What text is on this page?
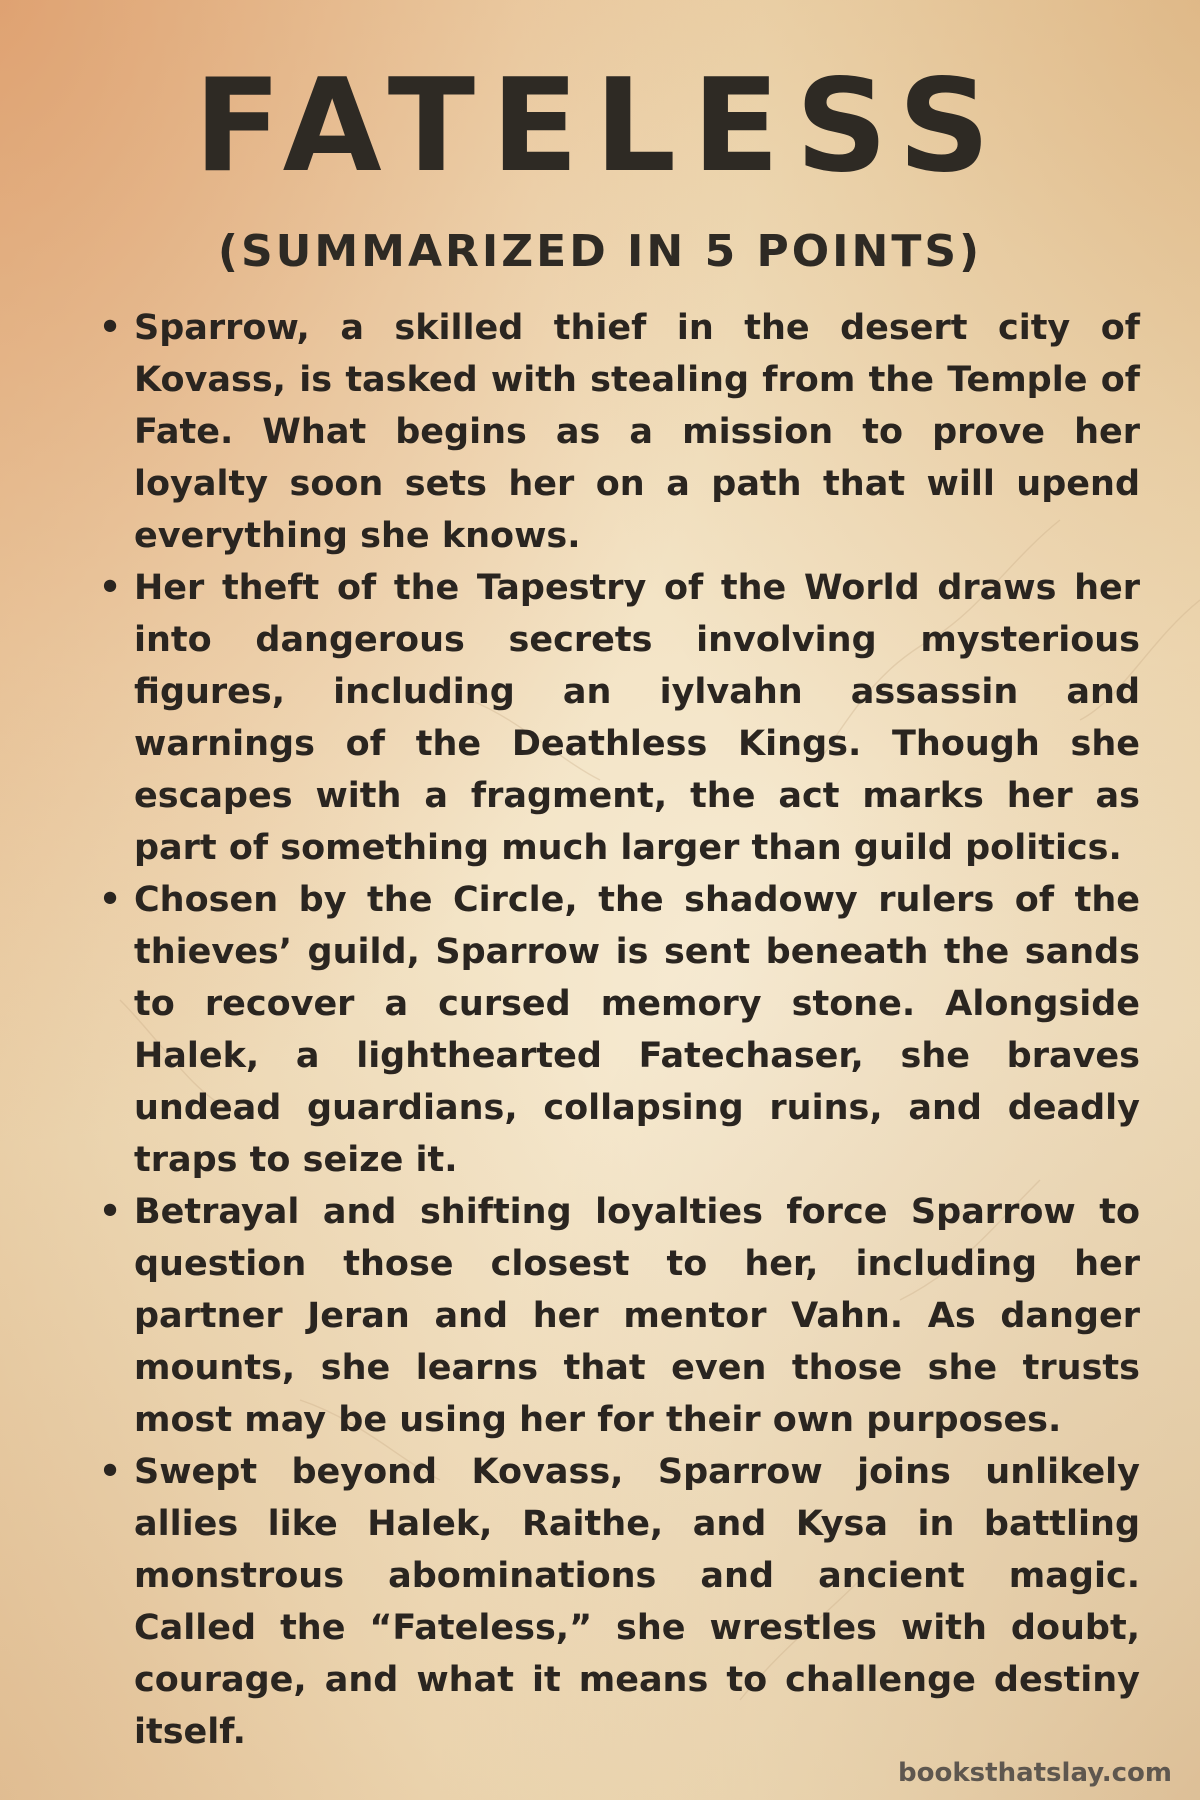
FATELESS
(SUMMARIZED IN 5 POINTS)
• Sparrow, a skilled thief in the desert city of Kovass, is tasked with stealing from the Temple of Fate. What begins as a mission to prove her loyalty soon sets her on a path that will upend everything she knows.
• Her theft of the Tapestry of the World draws her into dangerous secrets involving mysterious figures, including an iylvahn assassin and warnings of the Deathless Kings. Though she escapes with a fragment, the act marks her as part of something much larger than guild politics.
• Chosen by the Circle, the shadowy rulers of the thieves’ guild, Sparrow is sent beneath the sands to recover a cursed memory stone. Alongside Halek, a lighthearted Fatechaser, she braves undead guardians, collapsing ruins, and deadly traps to seize it.
• Betrayal and shifting loyalties force Sparrow to question those closest to her, including her partner Jeran and her mentor Vahn. As danger mounts, she learns that even those she trusts most may be using her for their own purposes.
• Swept beyond Kovass, Sparrow joins unlikely allies like Halek, Raithe, and Kysa in battling monstrous abominations and ancient magic. Called the “Fateless,” she wrestles with doubt, courage, and what it means to challenge destiny itself.
booksthatslay.com
